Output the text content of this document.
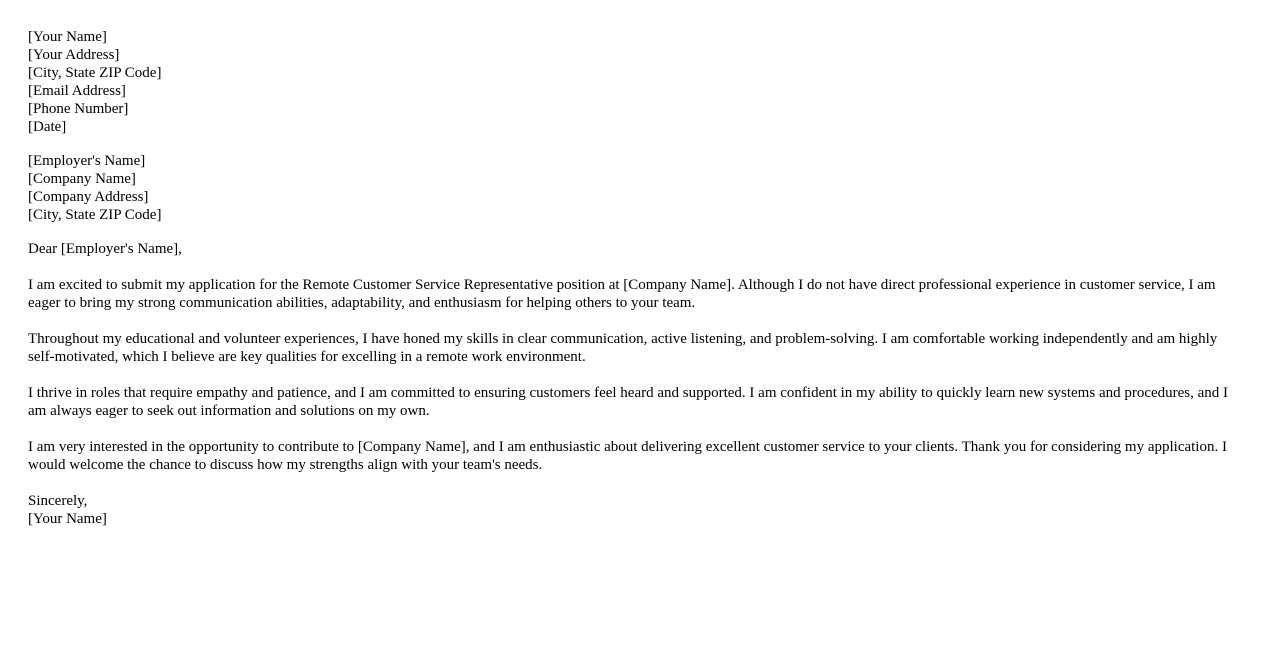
[Your Name]
[Your Address]
[City, State ZIP Code]
[Email Address]
[Phone Number]
[Date]
[Employer's Name]
[Company Name]
[Company Address]
[City, State ZIP Code]

Dear [Employer's Name],

I am excited to submit my application for the Remote Customer Service Representative position at [Company Name]. Although I do not have direct professional experience in customer service, I am eager to bring my strong communication abilities, adaptability, and enthusiasm for helping others to your team.

Throughout my educational and volunteer experiences, I have honed my skills in clear communication, active listening, and problem-solving. I am comfortable working independently and am highly self-motivated, which I believe are key qualities for excelling in a remote work environment.

I thrive in roles that require empathy and patience, and I am committed to ensuring customers feel heard and supported. I am confident in my ability to quickly learn new systems and procedures, and I am always eager to seek out information and solutions on my own.

I am very interested in the opportunity to contribute to [Company Name], and I am enthusiastic about delivering excellent customer service to your clients. Thank you for considering my application. I would welcome the chance to discuss how my strengths align with your team's needs.

Sincerely,
[Your Name]
